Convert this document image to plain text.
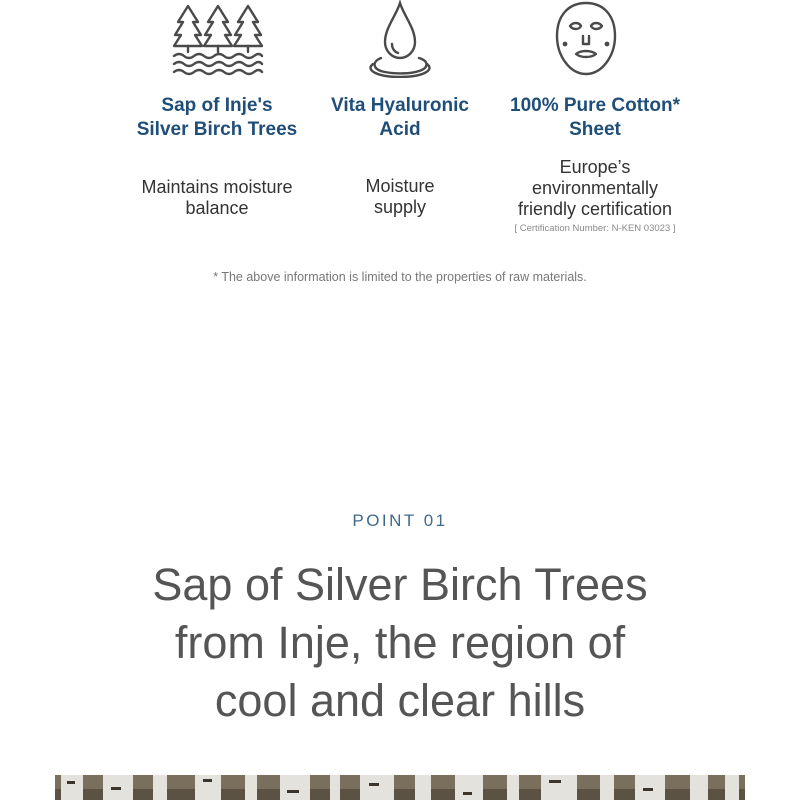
Sap of Inje's
Silver Birch Trees
Maintains moisture
balance
Vita Hyaluronic
Acid
Moisture
supply
100% Pure Cotton*
Sheet
Europe’s
environmentally
friendly certification
[ Certification Number: N-KEN 03023 ]
* The above information is limited to the properties of raw materials.
POINT 01
Sap of Silver Birch Trees
from Inje, the region of
cool and clear hills
